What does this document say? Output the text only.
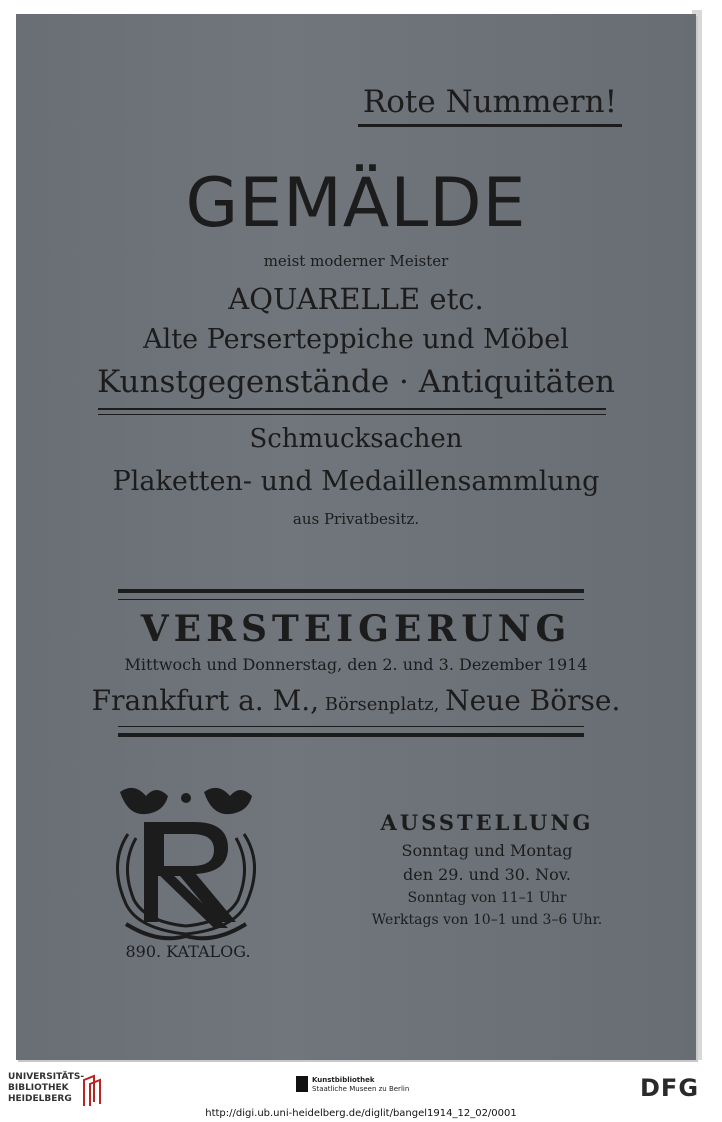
Rote Nummern!
GEMÄLDE
meist moderner Meister
AQUARELLE etc.
Alte Perserteppiche und Möbel
Kunstgegenstände · Antiquitäten
Schmucksachen
Plaketten- und Medaillensammlung
aus Privatbesitz.
VERSTEIGERUNG
Mittwoch und Donnerstag, den 2. und 3. Dezember 1914
Frankfurt a. M., Börsenplatz, Neue Börse.
890. KATALOG.
AUSSTELLUNG
Sonntag und Montag
den 29. und 30. Nov.
Sonntag von 11–1 Uhr
Werktags von 10–1 und 3–6 Uhr.
UNIVERSITÄTS-
BIBLIOTHEK
HEIDELBERG
Kunstbibliothek
Staatliche Museen zu Berlin	DFG
http://digi.ub.uni-heidelberg.de/diglit/bangel1914_12_02/0001
